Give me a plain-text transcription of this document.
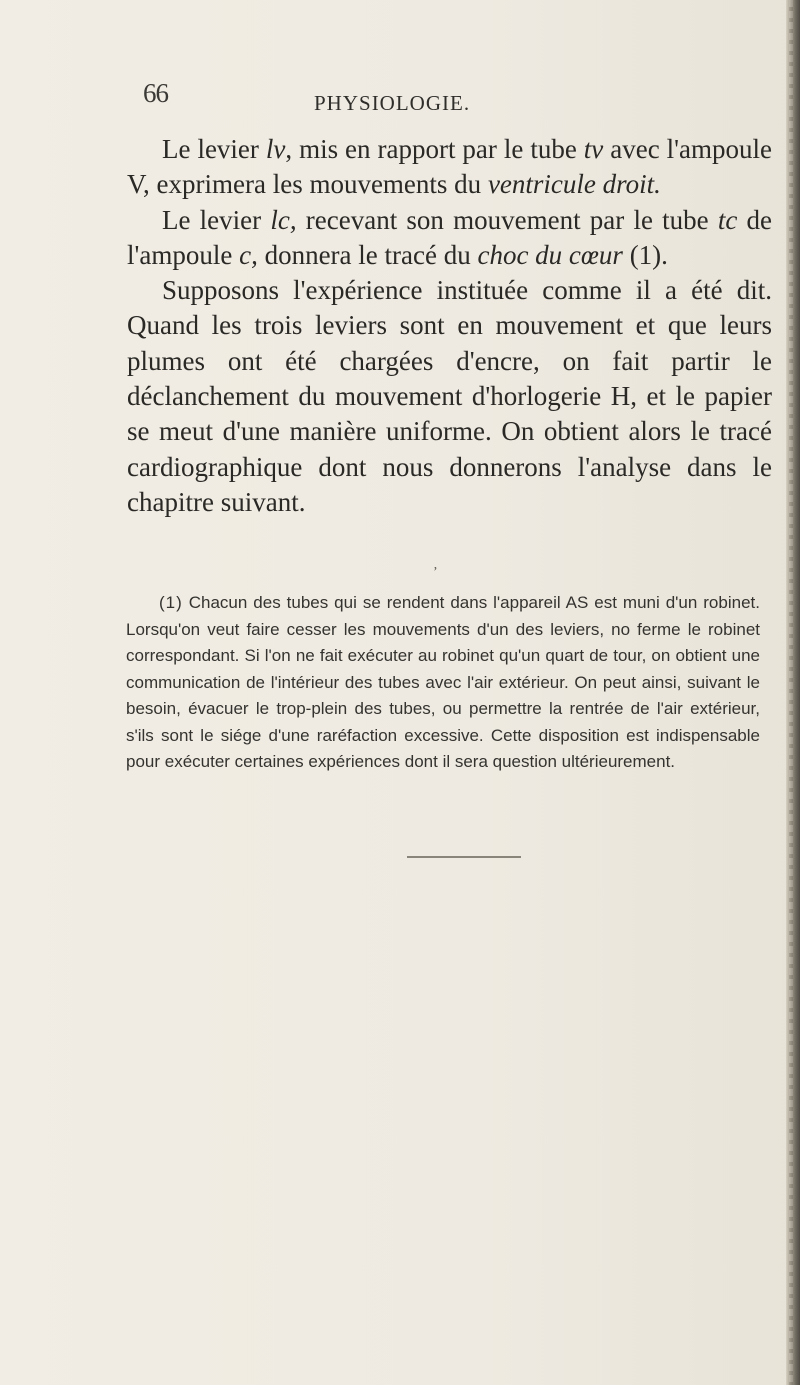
66	PHYSIOLOGIE.

Le levier lv, mis en rapport par le tube tv avec l'ampoule V, exprimera les mouvements du ventricule droit.

Le levier lc, recevant son mouvement par le tube tc de l'ampoule c, donnera le tracé du choc du cœur (1).

Supposons l'expérience instituée comme il a été dit. Quand les trois leviers sont en mouvement et que leurs plumes ont été chargées d'encre, on fait partir le déclanchement du mouvement d'horlogerie H, et le papier se meut d'une manière uniforme. On obtient alors le tracé cardiographique dont nous donnerons l'analyse dans le chapitre suivant.

ʼ

(1) Chacun des tubes qui se rendent dans l'appareil AS est muni d'un robinet. Lorsqu'on veut faire cesser les mouvements d'un des leviers, no ferme le robinet correspondant. Si l'on ne fait exécuter au robinet qu'un quart de tour, on obtient une communication de l'intérieur des tubes avec l'air extérieur. On peut ainsi, suivant le besoin, évacuer le trop-plein des tubes, ou permettre la rentrée de l'air extérieur, s'ils sont le siége d'une raréfaction excessive. Cette disposition est indispensable pour exécuter certaines expériences dont il sera question ultérieurement.
